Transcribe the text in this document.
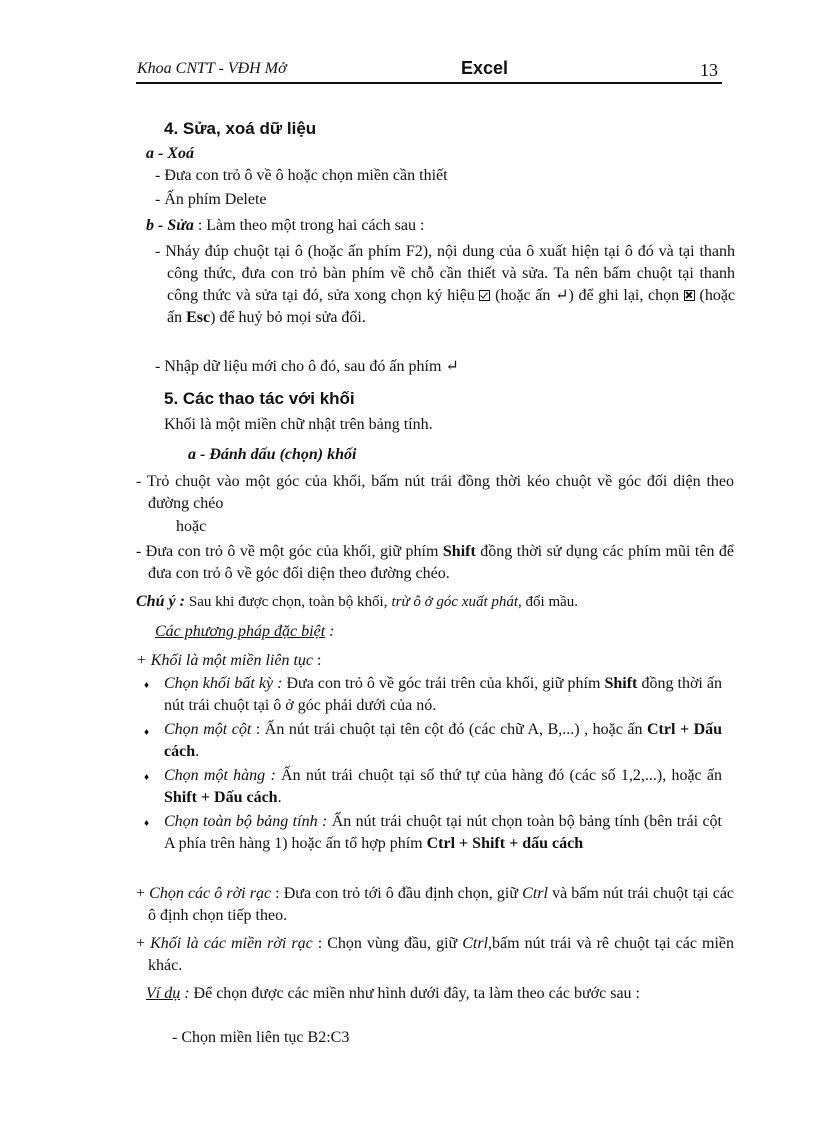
Khoa CNTT - VĐH Mở	Excel	13
4. Sửa, xoá dữ liệu
a - Xoá
- Đưa con trỏ ô về ô hoặc chọn miền cần thiết
- Ấn phím Delete
b - Sửa : Làm theo một trong hai cách sau :
- Nháy đúp chuột tại ô (hoặc ấn phím F2), nội dung của ô xuất hiện tại ô đó và tại thanh công thức, đưa con trỏ bàn phím về chỗ cần thiết và sửa. Ta nên bấm chuột tại thanh công thức và sửa tại đó, sửa xong chọn ký hiệu (hoặc ấn ↵) để ghi lại, chọn (hoặc ấn Esc) để huỷ bỏ mọi sửa đổi.
- Nhập dữ liệu mới cho ô đó, sau đó ấn phím ↵
5. Các thao tác với khối
Khối là một miền chữ nhật trên bảng tính.
a - Đánh dấu (chọn) khối
- Trỏ chuột vào một góc của khối, bấm nút trái đồng thời kéo chuột về góc đối diện theo đường chéo
hoặc
- Đưa con trỏ ô về một góc của khối, giữ phím Shift đồng thời sử dụng các phím mũi tên để đưa con trỏ ô về góc đối diện theo đường chéo.
Chú ý : Sau khi được chọn, toàn bộ khối, trừ ô ở góc xuất phát, đổi mầu.
Các phương pháp đặc biệt :
+ Khối là một miền liên tục :
♦ Chọn khối bất kỳ : Đưa con trỏ ô về góc trái trên của khối, giữ phím Shift đồng thời ấn nút trái chuột tại ô ở góc phải dưới của nó.
♦ Chọn một cột : Ấn nút trái chuột tại tên cột đó (các chữ A, B,...) , hoặc ấn Ctrl + Dấu cách.
♦ Chọn một hàng : Ấn nút trái chuột tại số thứ tự của hàng đó (các số 1,2,...), hoặc ấn Shift + Dấu cách.
♦ Chọn toàn bộ bảng tính : Ấn nút trái chuột tại nút chọn toàn bộ bảng tính (bên trái cột A phía trên hàng 1) hoặc ấn tổ hợp phím Ctrl + Shift + dấu cách
+ Chọn các ô rời rạc : Đưa con trỏ tới ô đầu định chọn, giữ Ctrl và bấm nút trái chuột tại các ô định chọn tiếp theo.
+ Khối là các miền rời rạc : Chọn vùng đầu, giữ Ctrl,bấm nút trái và rê chuột tại các miền khác.
Ví dụ : Để chọn được các miền như hình dưới đây, ta làm theo các bước sau :
- Chọn miền liên tục B2:C3
